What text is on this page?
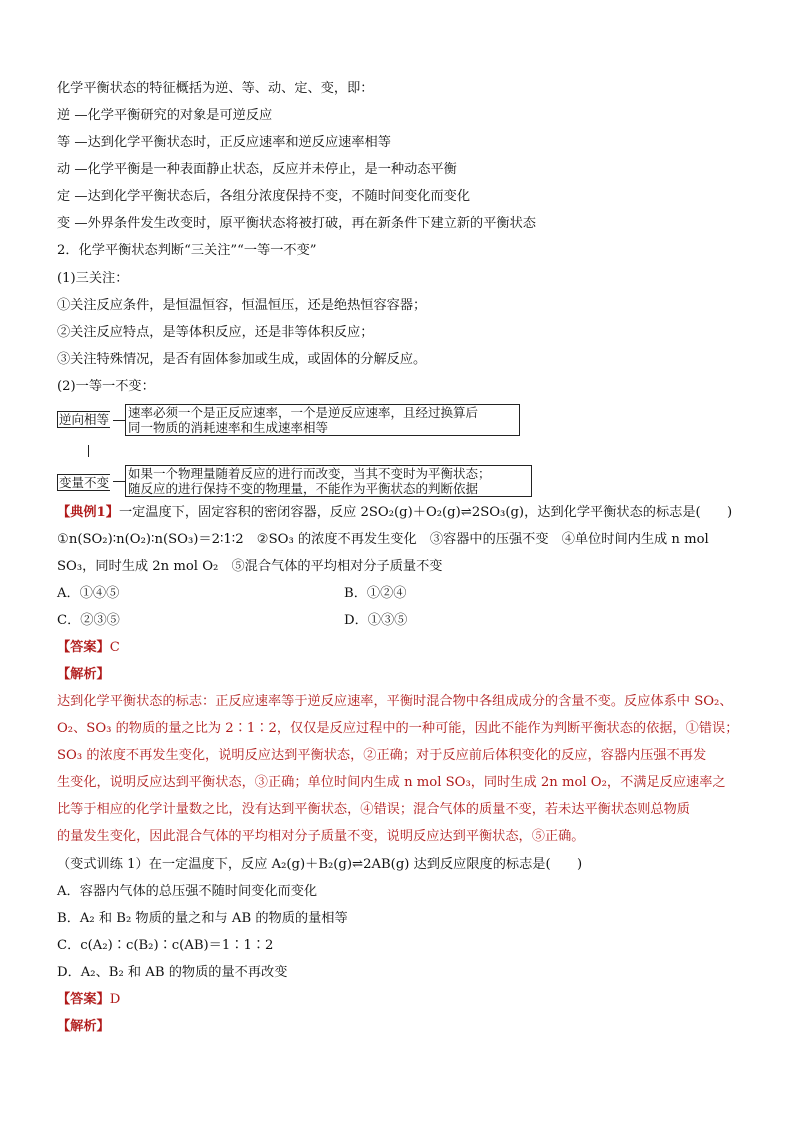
化学平衡状态的特征概括为逆、等、动、定、变，即：
逆 —化学平衡研究的对象是可逆反应
等 —达到化学平衡状态时，正反应速率和逆反应速率相等
动 —化学平衡是一种表面静止状态，反应并未停止，是一种动态平衡
定 —达到化学平衡状态后，各组分浓度保持不变，不随时间变化而变化
变 —外界条件发生改变时，原平衡状态将被打破，再在新条件下建立新的平衡状态
2．化学平衡状态判断“三关注”“一等一不变”
(1)三关注：
①关注反应条件，是恒温恒容，恒温恒压，还是绝热恒容容器；
②关注反应特点，是等体积反应，还是非等体积反应；
③关注特殊情况，是否有固体参加或生成，或固体的分解反应。
(2)一等一不变：
逆向相等 速率必须一个是正反应速率，一个是逆反应速率，且经过换算后
同一物质的消耗速率和生成速率相等
变量不变
如果一个物理量随着反应的进行而改变，当其不变时为平衡状态；
随反应的进行保持不变的物理量，不能作为平衡状态的判断依据
【典例1】一定温度下，固定容积的密闭容器，反应 2SO₂(g)＋O₂(g)⇌2SO₃(g)，达到化学平衡状态的标志是(　　)
①n(SO₂)∶n(O₂)∶n(SO₃)＝2∶1∶2　②SO₃ 的浓度不再发生变化　③容器中的压强不变　④单位时间内生成 n mol
SO₃，同时生成 2n mol O₂　⑤混合气体的平均相对分子质量不变
A．①④⑤	B．①②④
C．②③⑤	D．①③⑤
【答案】C
【解析】
达到化学平衡状态的标志：正反应速率等于逆反应速率，平衡时混合物中各组成成分的含量不变。反应体系中 SO₂、
O₂、SO₃ 的物质的量之比为 2∶1∶2，仅仅是反应过程中的一种可能，因此不能作为判断平衡状态的依据，①错误；
SO₃ 的浓度不再发生变化，说明反应达到平衡状态，②正确；对于反应前后体积变化的反应，容器内压强不再发
生变化，说明反应达到平衡状态，③正确；单位时间内生成 n mol SO₃，同时生成 2n mol O₂，不满足反应速率之
比等于相应的化学计量数之比，没有达到平衡状态，④错误；混合气体的质量不变，若未达平衡状态则总物质
的量发生变化，因此混合气体的平均相对分子质量不变，说明反应达到平衡状态，⑤正确。
（变式训练 1）在一定温度下，反应 A₂(g)＋B₂(g)⇌2AB(g) 达到反应限度的标志是(　　)
A．容器内气体的总压强不随时间变化而变化
B．A₂ 和 B₂ 物质的量之和与 AB 的物质的量相等
C．c(A₂)∶c(B₂)∶c(AB)＝1∶1∶2
D．A₂、B₂ 和 AB 的物质的量不再改变
【答案】D
【解析】
